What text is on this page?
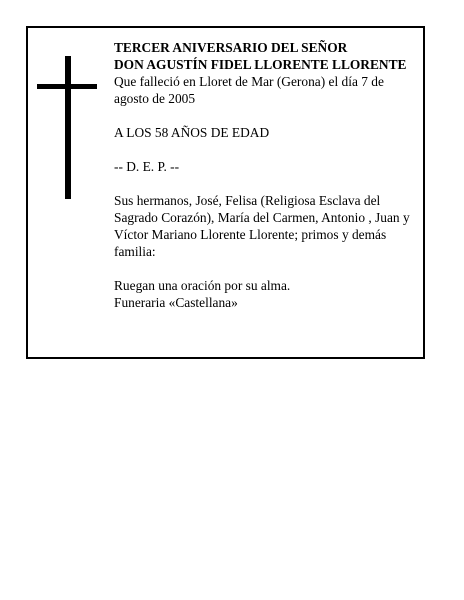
TERCER ANIVERSARIO DEL SEÑOR
DON AGUSTÍN FIDEL LLORENTE LLORENTE
Que falleció en Lloret de Mar (Gerona) el día 7 de
agosto de 2005
A LOS 58 AÑOS DE EDAD
-- D. E. P. --
Sus hermanos, José, Felisa (Religiosa Esclava del
Sagrado Corazón), María del Carmen, Antonio , Juan y
Víctor Mariano Llorente Llorente; primos y demás
familia:
Ruegan una oración por su alma.
Funeraria «Castellana»
